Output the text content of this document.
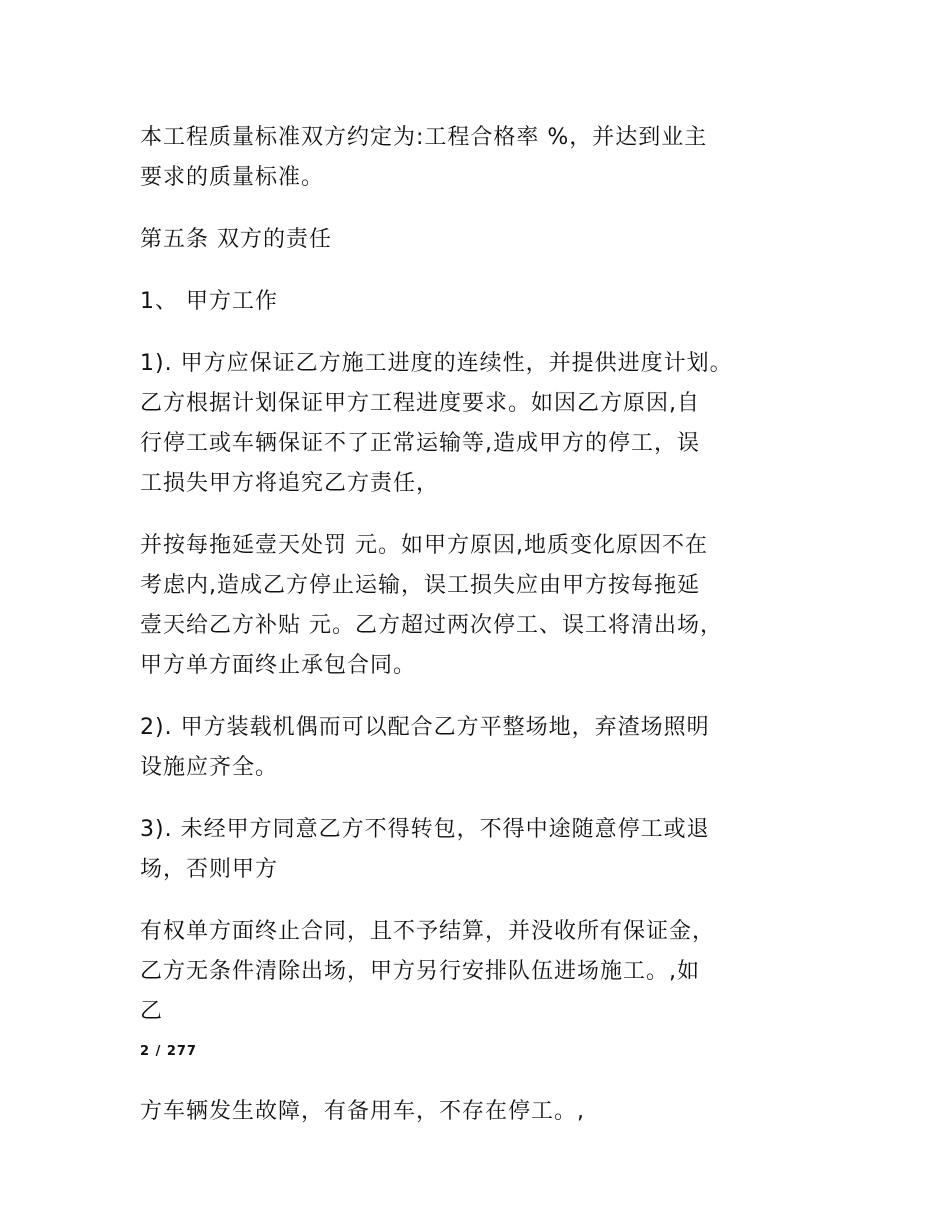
本工程质量标准双方约定为:工程合格率 %，并达到业主
要求的质量标准。

第五条 双方的责任

1、 甲方工作

1). 甲方应保证乙方施工进度的连续性，并提供进度计划。
乙方根据计划保证甲方工程进度要求。如因乙方原因,自
行停工或车辆保证不了正常运输等,造成甲方的停工，误
工损失甲方将追究乙方责任，

并按每拖延壹天处罚 元。如甲方原因,地质变化原因不在
考虑内,造成乙方停止运输，误工损失应由甲方按每拖延
壹天给乙方补贴 元。乙方超过两次停工、误工将清出场，
甲方单方面终止承包合同。

2). 甲方装载机偶而可以配合乙方平整场地，弃渣场照明
设施应齐全。

3). 未经甲方同意乙方不得转包，不得中途随意停工或退
场，否则甲方

有权单方面终止合同，且不予结算，并没收所有保证金，
乙方无条件清除出场，甲方另行安排队伍进场施工。,如
乙

2 / 277

方车辆发生故障，有备用车，不存在停工。,
